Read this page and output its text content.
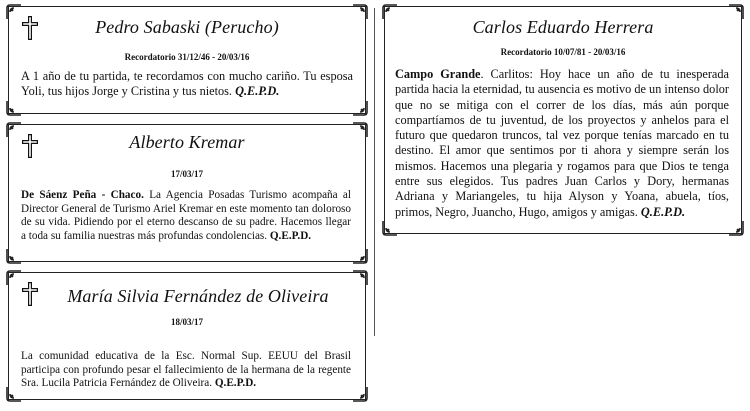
Pedro Sabaski (Perucho)
Recordatorio 31/12/46 - 20/03/16
A 1 año de tu partida, te recordamos con mucho cariño. Tu esposa Yoli, tus hijos Jorge y Cristina y tus nietos. Q.E.P.D.
Alberto Kremar
17/03/17
De Sáenz Peña - Chaco. La Agencia Posadas Turismo acompaña al Director General de Turismo Ariel Kremar en este momento tan doloroso de su vida. Pidiendo por el eterno descanso de su padre. Hacemos llegar a toda su familia nuestras más profundas condolencias. Q.E.P.D.
María Silvia Fernández de Oliveira
18/03/17
La comunidad educativa de la Esc. Normal Sup. EEUU del Brasil participa con profundo pesar el fallecimiento de la hermana de la regente Sra. Lucila Patricia Fernández de Oliveira. Q.E.P.D.
Carlos Eduardo Herrera
Recordatorio 10/07/81 - 20/03/16
Campo Grande. Carlitos: Hoy hace un año de tu inesperada partida hacia la eternidad, tu ausencia es motivo de un intenso dolor que no se mitiga con el correr de los días, más aún porque compartíamos de tu juventud, de los proyectos y anhelos para el futuro que quedaron truncos, tal vez porque tenías marcado en tu destino. El amor que sentimos por ti ahora y siempre serán los mismos. Hacemos una plegaria y rogamos para que Dios te tenga entre sus elegidos. Tus padres Juan Carlos y Dory, hermanas Adriana y Mariangeles, tu hija Alyson y Yoana, abuela, tíos, primos, Negro, Juancho, Hugo, amigos y amigas. Q.E.P.D.
